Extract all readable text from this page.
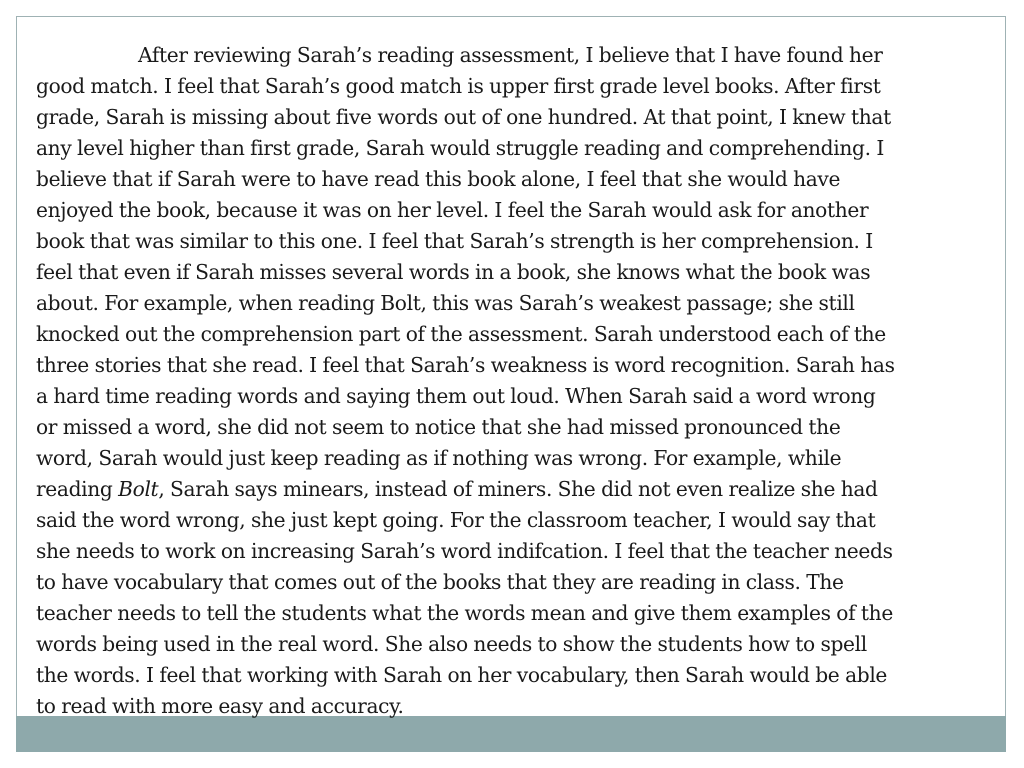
After reviewing Sarah’s reading assessment, I believe that I have found her
good match. I feel that Sarah’s good match is upper first grade level books. After first
grade, Sarah is missing about five words out of one hundred. At that point, I knew that
any level higher than first grade, Sarah would struggle reading and comprehending. I
believe that if Sarah were to have read this book alone, I feel that she would have
enjoyed the book, because it was on her level. I feel the Sarah would ask for another
book that was similar to this one. I feel that Sarah’s strength is her comprehension. I
feel that even if Sarah misses several words in a book, she knows what the book was
about. For example, when reading Bolt, this was Sarah’s weakest passage; she still
knocked out the comprehension part of the assessment. Sarah understood each of the
three stories that she read. I feel that Sarah’s weakness is word recognition. Sarah has
a hard time reading words and saying them out loud. When Sarah said a word wrong
or missed a word, she did not seem to notice that she had missed pronounced the
word, Sarah would just keep reading as if nothing was wrong. For example, while
reading Bolt, Sarah says minears, instead of miners. She did not even realize she had
said the word wrong, she just kept going. For the classroom teacher, I would say that
she needs to work on increasing Sarah’s word indifcation. I feel that the teacher needs
to have vocabulary that comes out of the books that they are reading in class. The
teacher needs to tell the students what the words mean and give them examples of the
words being used in the real word. She also needs to show the students how to spell
the words. I feel that working with Sarah on her vocabulary, then Sarah would be able
to read with more easy and accuracy.
